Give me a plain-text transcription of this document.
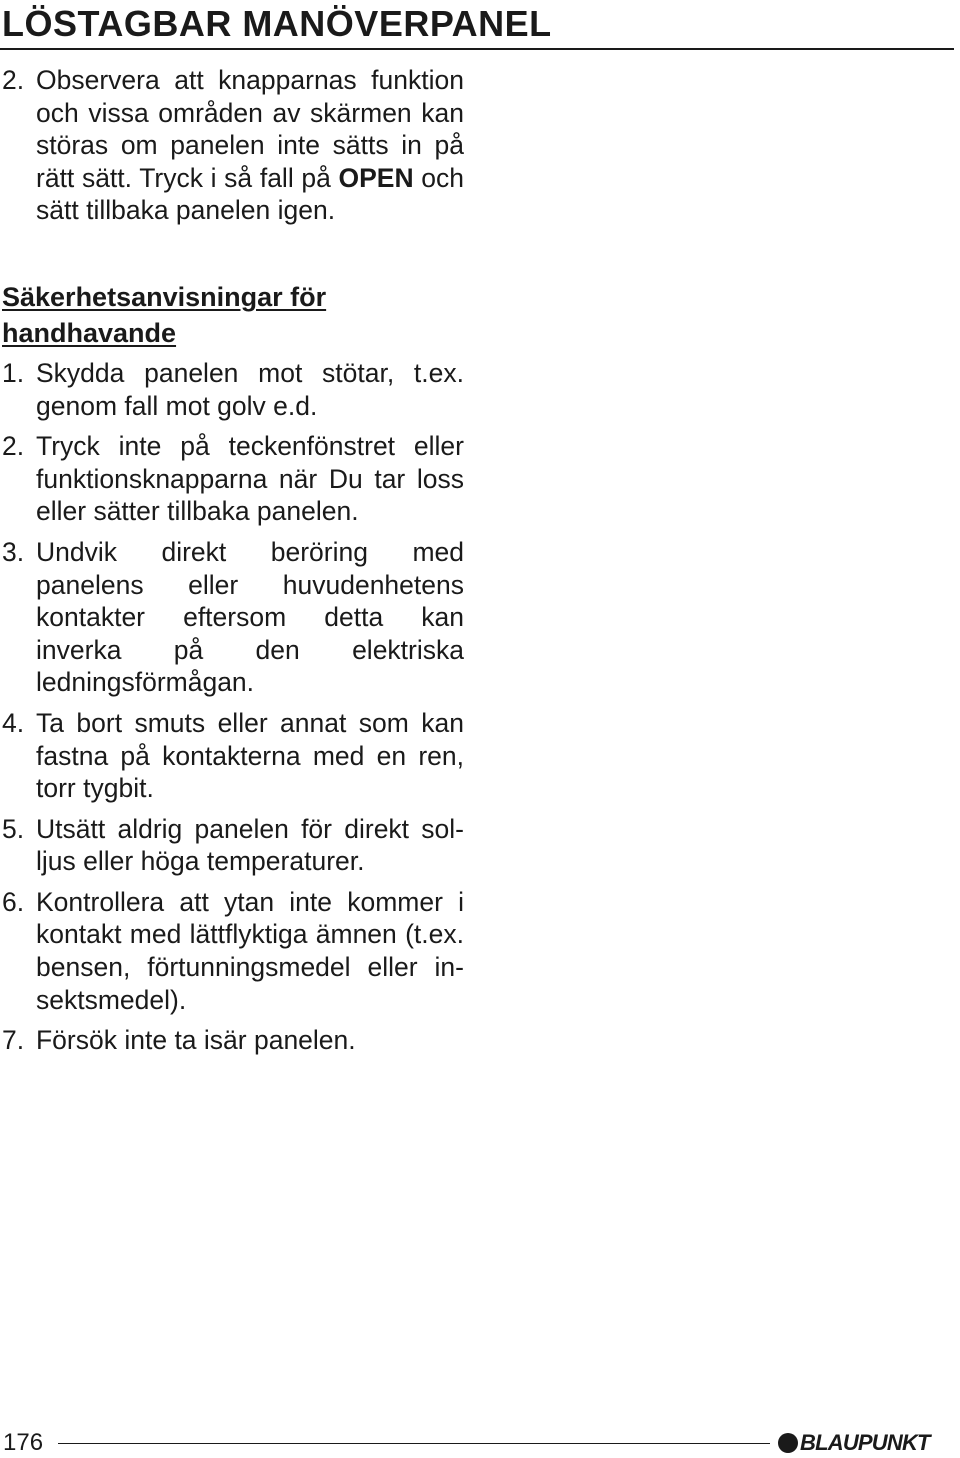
LÖSTAGBAR MANÖVERPANEL
2. Observera att knapparnas funktion och vissa områden av skärmen kan störas om panelen inte sätts in på rätt sätt. Tryck i så fall på OPEN och sätt tillbaka panelen igen.
Säkerhetsanvisningar för handhavande
1. Skydda panelen mot stötar, t.ex. genom fall mot golv e.d.
2. Tryck inte på teckenfönstret eller funktionsknapparna när Du tar loss eller sätter tillbaka panelen.
3. Undvik direkt beröring med panelens eller huvudenhetens kontakter eftersom detta kan inverka på den elektriska ledningsförmågan.
4. Ta bort smuts eller annat som kan fastna på kontakterna med en ren, torr tygbit.
5. Utsätt aldrig panelen för direkt solljus eller höga temperaturer.
6. Kontrollera att ytan inte kommer i kontakt med lättflyktiga ämnen (t.ex. bensen, förtunningsmedel eller insektsmedel).
7. Försök inte ta isär panelen.
176	BLAUPUNKT
